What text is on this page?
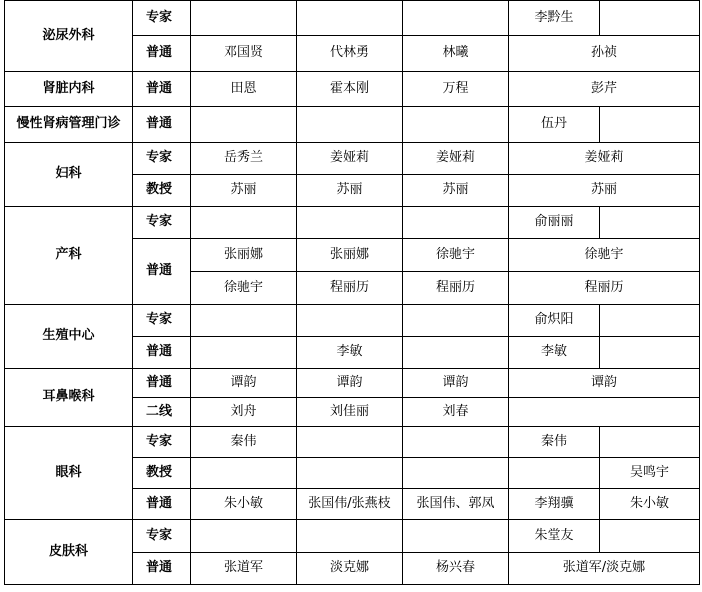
泌尿外科	专家				李黔生	
	普通	邓国贤	代林勇	林曦	孙祯	
肾脏内科	普通	田恩	霍本刚	万程	彭芹	
慢性肾病管理门诊	普通				伍丹	
妇科	专家	岳秀兰	姜娅莉	姜娅莉	姜娅莉	
	教授	苏丽	苏丽	苏丽	苏丽	
产科	专家				俞丽丽	
	普通	张丽娜	张丽娜	徐驰宇	徐驰宇	
		徐驰宇	程丽历	程丽历	程丽历	
生殖中心	专家				俞炽阳	
	普通		李敏		李敏	
耳鼻喉科	普通	谭韵	谭韵	谭韵	谭韵	
	二线	刘舟	刘佳丽	刘春		
眼科	专家	秦伟			秦伟	
	教授					吴鸣宇
	普通	朱小敏	张国伟/张燕枝	张国伟、郭凤	李翔骥	朱小敏
皮肤科	专家				朱堂友	
	普通	张道军	淡克娜	杨兴春	张道军/淡克娜	
